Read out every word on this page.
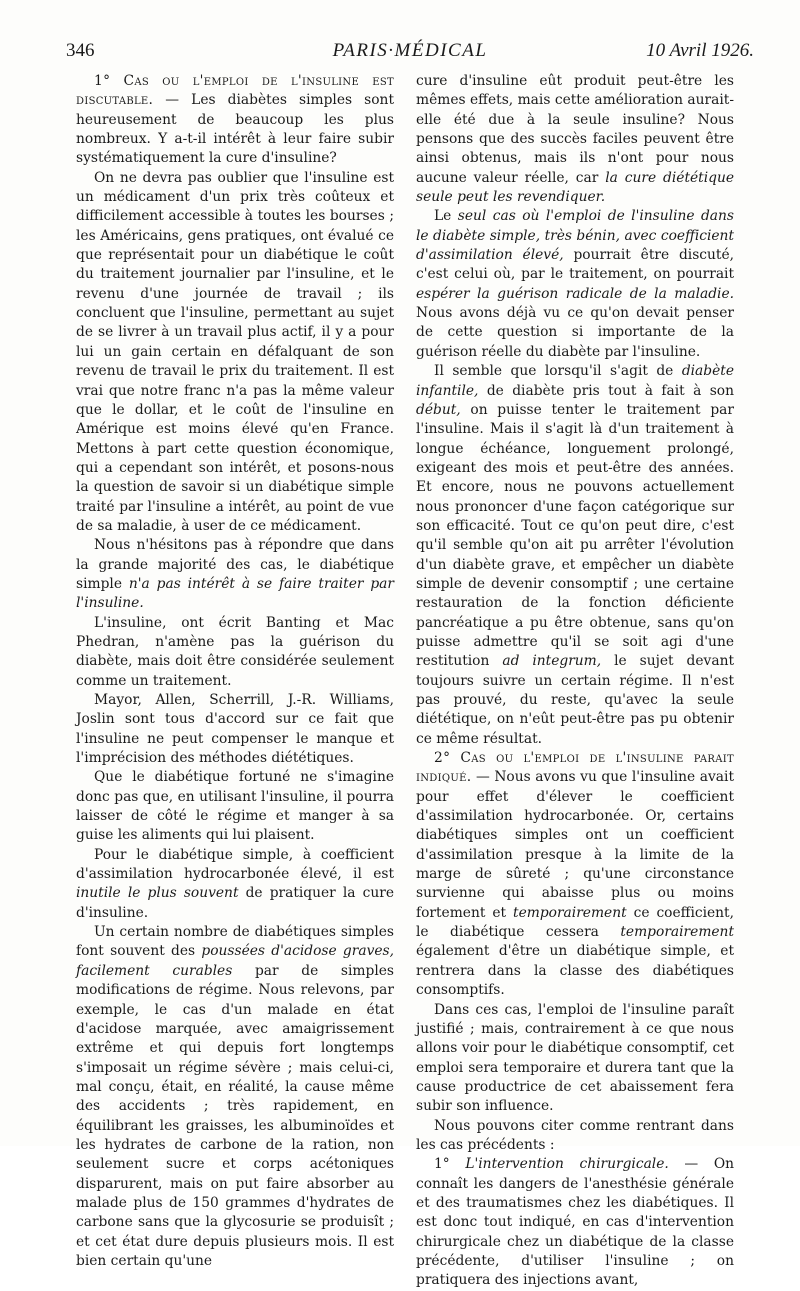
346	PARIS·MÉDICAL	10 Avril 1926.

1° Cas ou l'emploi de l'insuline est discutable. — Les diabètes simples sont heureusement de beaucoup les plus nombreux. Y a-t-il intérêt à leur faire subir systématiquement la cure d'insuline?

On ne devra pas oublier que l'insuline est un médicament d'un prix très coûteux et difficilement accessible à toutes les bourses ; les Américains, gens pratiques, ont évalué ce que représentait pour un diabétique le coût du traitement journalier par l'insuline, et le revenu d'une journée de travail ; ils concluent que l'insuline, permettant au sujet de se livrer à un travail plus actif, il y a pour lui un gain certain en défalquant de son revenu de travail le prix du traitement. Il est vrai que notre franc n'a pas la même valeur que le dollar, et le coût de l'insuline en Amérique est moins élevé qu'en France. Mettons à part cette question économique, qui a cependant son intérêt, et posons-nous la question de savoir si un diabétique simple traité par l'insuline a intérêt, au point de vue de sa maladie, à user de ce médicament.

Nous n'hésitons pas à répondre que dans la grande majorité des cas, le diabétique simple n'a pas intérêt à se faire traiter par l'insuline.

L'insuline, ont écrit Banting et Mac Phedran, n'amène pas la guérison du diabète, mais doit être considérée seulement comme un traitement.

Mayor, Allen, Scherrill, J.-R. Williams, Joslin sont tous d'accord sur ce fait que l'insuline ne peut compenser le manque et l'imprécision des méthodes diététiques.

Que le diabétique fortuné ne s'imagine donc pas que, en utilisant l'insuline, il pourra laisser de côté le régime et manger à sa guise les aliments qui lui plaisent.

Pour le diabétique simple, à coefficient d'assimilation hydrocarbonée élevé, il est inutile le plus souvent de pratiquer la cure d'insuline.

Un certain nombre de diabétiques simples font souvent des poussées d'acidose graves, facilement curables par de simples modifications de régime. Nous relevons, par exemple, le cas d'un malade en état d'acidose marquée, avec amaigrissement extrême et qui depuis fort longtemps s'imposait un régime sévère ; mais celui-ci, mal conçu, était, en réalité, la cause même des accidents ; très rapidement, en équilibrant les graisses, les albuminoïdes et les hydrates de carbone de la ration, non seulement sucre et corps acétoniques disparurent, mais on put faire absorber au malade plus de 150 grammes d'hydrates de carbone sans que la glycosurie se produisît ; et cet état dure depuis plusieurs mois. Il est bien certain qu'une

cure d'insuline eût produit peut-être les mêmes effets, mais cette amélioration aurait-elle été due à la seule insuline? Nous pensons que des succès faciles peuvent être ainsi obtenus, mais ils n'ont pour nous aucune valeur réelle, car la cure diététique seule peut les revendiquer.

Le seul cas où l'emploi de l'insuline dans le diabète simple, très bénin, avec coefficient d'assimilation élevé, pourrait être discuté, c'est celui où, par le traitement, on pourrait espérer la guérison radicale de la maladie. Nous avons déjà vu ce qu'on devait penser de cette question si importante de la guérison réelle du diabète par l'insuline.

Il semble que lorsqu'il s'agit de diabète infantile, de diabète pris tout à fait à son début, on puisse tenter le traitement par l'insuline. Mais il s'agit là d'un traitement à longue échéance, longuement prolongé, exigeant des mois et peut-être des années. Et encore, nous ne pouvons actuellement nous prononcer d'une façon catégorique sur son efficacité. Tout ce qu'on peut dire, c'est qu'il semble qu'on ait pu arrêter l'évolution d'un diabète grave, et empêcher un diabète simple de devenir consomptif ; une certaine restauration de la fonction déficiente pancréatique a pu être obtenue, sans qu'on puisse admettre qu'il se soit agi d'une restitution ad integrum, le sujet devant toujours suivre un certain régime. Il n'est pas prouvé, du reste, qu'avec la seule diététique, on n'eût peut-être pas pu obtenir ce même résultat.

2° Cas ou l'emploi de l'insuline parait indiqué. — Nous avons vu que l'insuline avait pour effet d'élever le coefficient d'assimilation hydrocarbonée. Or, certains diabétiques simples ont un coefficient d'assimilation presque à la limite de la marge de sûreté ; qu'une circonstance survienne qui abaisse plus ou moins fortement et temporairement ce coefficient, le diabétique cessera temporairement également d'être un diabétique simple, et rentrera dans la classe des diabétiques consomptifs.

Dans ces cas, l'emploi de l'insuline paraît justifié ; mais, contrairement à ce que nous allons voir pour le diabétique consomptif, cet emploi sera temporaire et durera tant que la cause productrice de cet abaissement fera subir son influence.

Nous pouvons citer comme rentrant dans les cas précédents :

1° L'intervention chirurgicale. — On connaît les dangers de l'anesthésie générale et des traumatismes chez les diabétiques. Il est donc tout indiqué, en cas d'intervention chirurgicale chez un diabétique de la classe précédente, d'utiliser l'insuline ; on pratiquera des injections avant,
